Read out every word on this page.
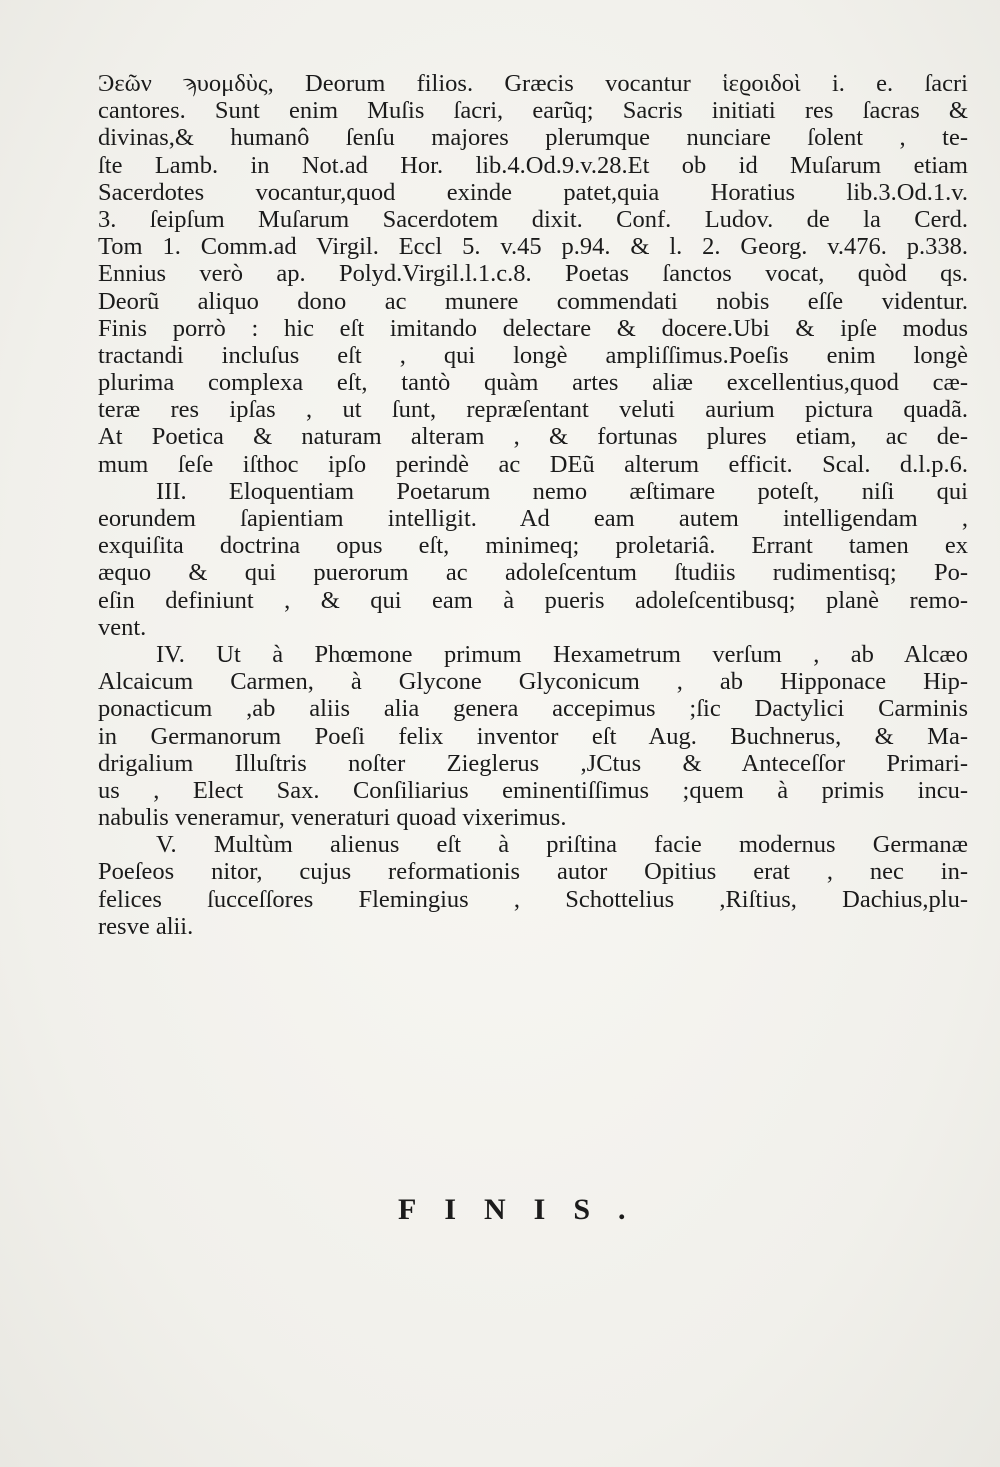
Ͽεῶν ϡυομδὺς, Deorum filios. Græcis vocantur ἱεϱοιδοὶ i. e. ſacri
cantores. Sunt enim Muſis ſacri, earũq; Sacris initiati res ſacras &
divinas,& humanô ſenſu majores plerumque nunciare ſolent , te-
ſte Lamb. in Not.ad Hor. lib.4.Od.9.v.28.Et ob id Muſarum etiam
Sacerdotes vocantur,quod exinde patet,quia Horatius lib.3.Od.1.v.
3. ſeipſum Muſarum Sacerdotem dixit. Conf. Ludov. de la Cerd.
Tom 1. Comm.ad Virgil. Eccl 5. v.45 p.94. & l. 2. Georg. v.476. p.338.
Ennius verò ap. Polyd.Virgil.l.1.c.8. Poetas ſanctos vocat, quòd qs.
Deorũ aliquo dono ac munere commendati nobis eſſe videntur.
Finis porrò : hic eſt imitando delectare & docere.Ubi & ipſe modus
tractandi incluſus eſt , qui longè ampliſſimus.Poeſis enim longè
plurima complexa eſt, tantò quàm artes aliæ excellentius,quod cæ-
teræ res ipſas , ut ſunt, repræſentant veluti aurium pictura quadã.
At Poetica & naturam alteram , & fortunas plures etiam, ac de-
mum ſeſe iſthoc ipſo perindè ac DEũ alterum efficit. Scal. d.l.p.6.
III. Eloquentiam Poetarum nemo æſtimare poteſt, niſi qui
eorundem ſapientiam intelligit. Ad eam autem intelligendam ,
exquiſita doctrina opus eſt, minimeq; proletariâ. Errant tamen ex
æquo & qui puerorum ac adoleſcentum ſtudiis rudimentisq; Po-
eſin definiunt , & qui eam à pueris adoleſcentibusq; planè remo-
vent.
IV. Ut à Phœmone primum Hexametrum verſum , ab Alcæo
Alcaicum Carmen, à Glycone Glyconicum , ab Hipponace Hip-
ponacticum ,ab aliis alia genera accepimus ;ſic Dactylici Carminis
in Germanorum Poeſi felix inventor eſt Aug. Buchnerus, & Ma-
drigalium Illuſtris noſter Zieglerus ,JCtus & Anteceſſor Primari-
us , Elect Sax. Conſiliarius eminentiſſimus ;quem à primis incu-
nabulis veneramur, veneraturi quoad vixerimus.
V. Multùm alienus eſt à priſtina facie modernus Germanæ
Poeſeos nitor, cujus reformationis autor Opitius erat , nec in-
felices ſucceſſores Flemingius , Schottelius ,Riſtius, Dachius,plu-
resve alii.
FINIS.
